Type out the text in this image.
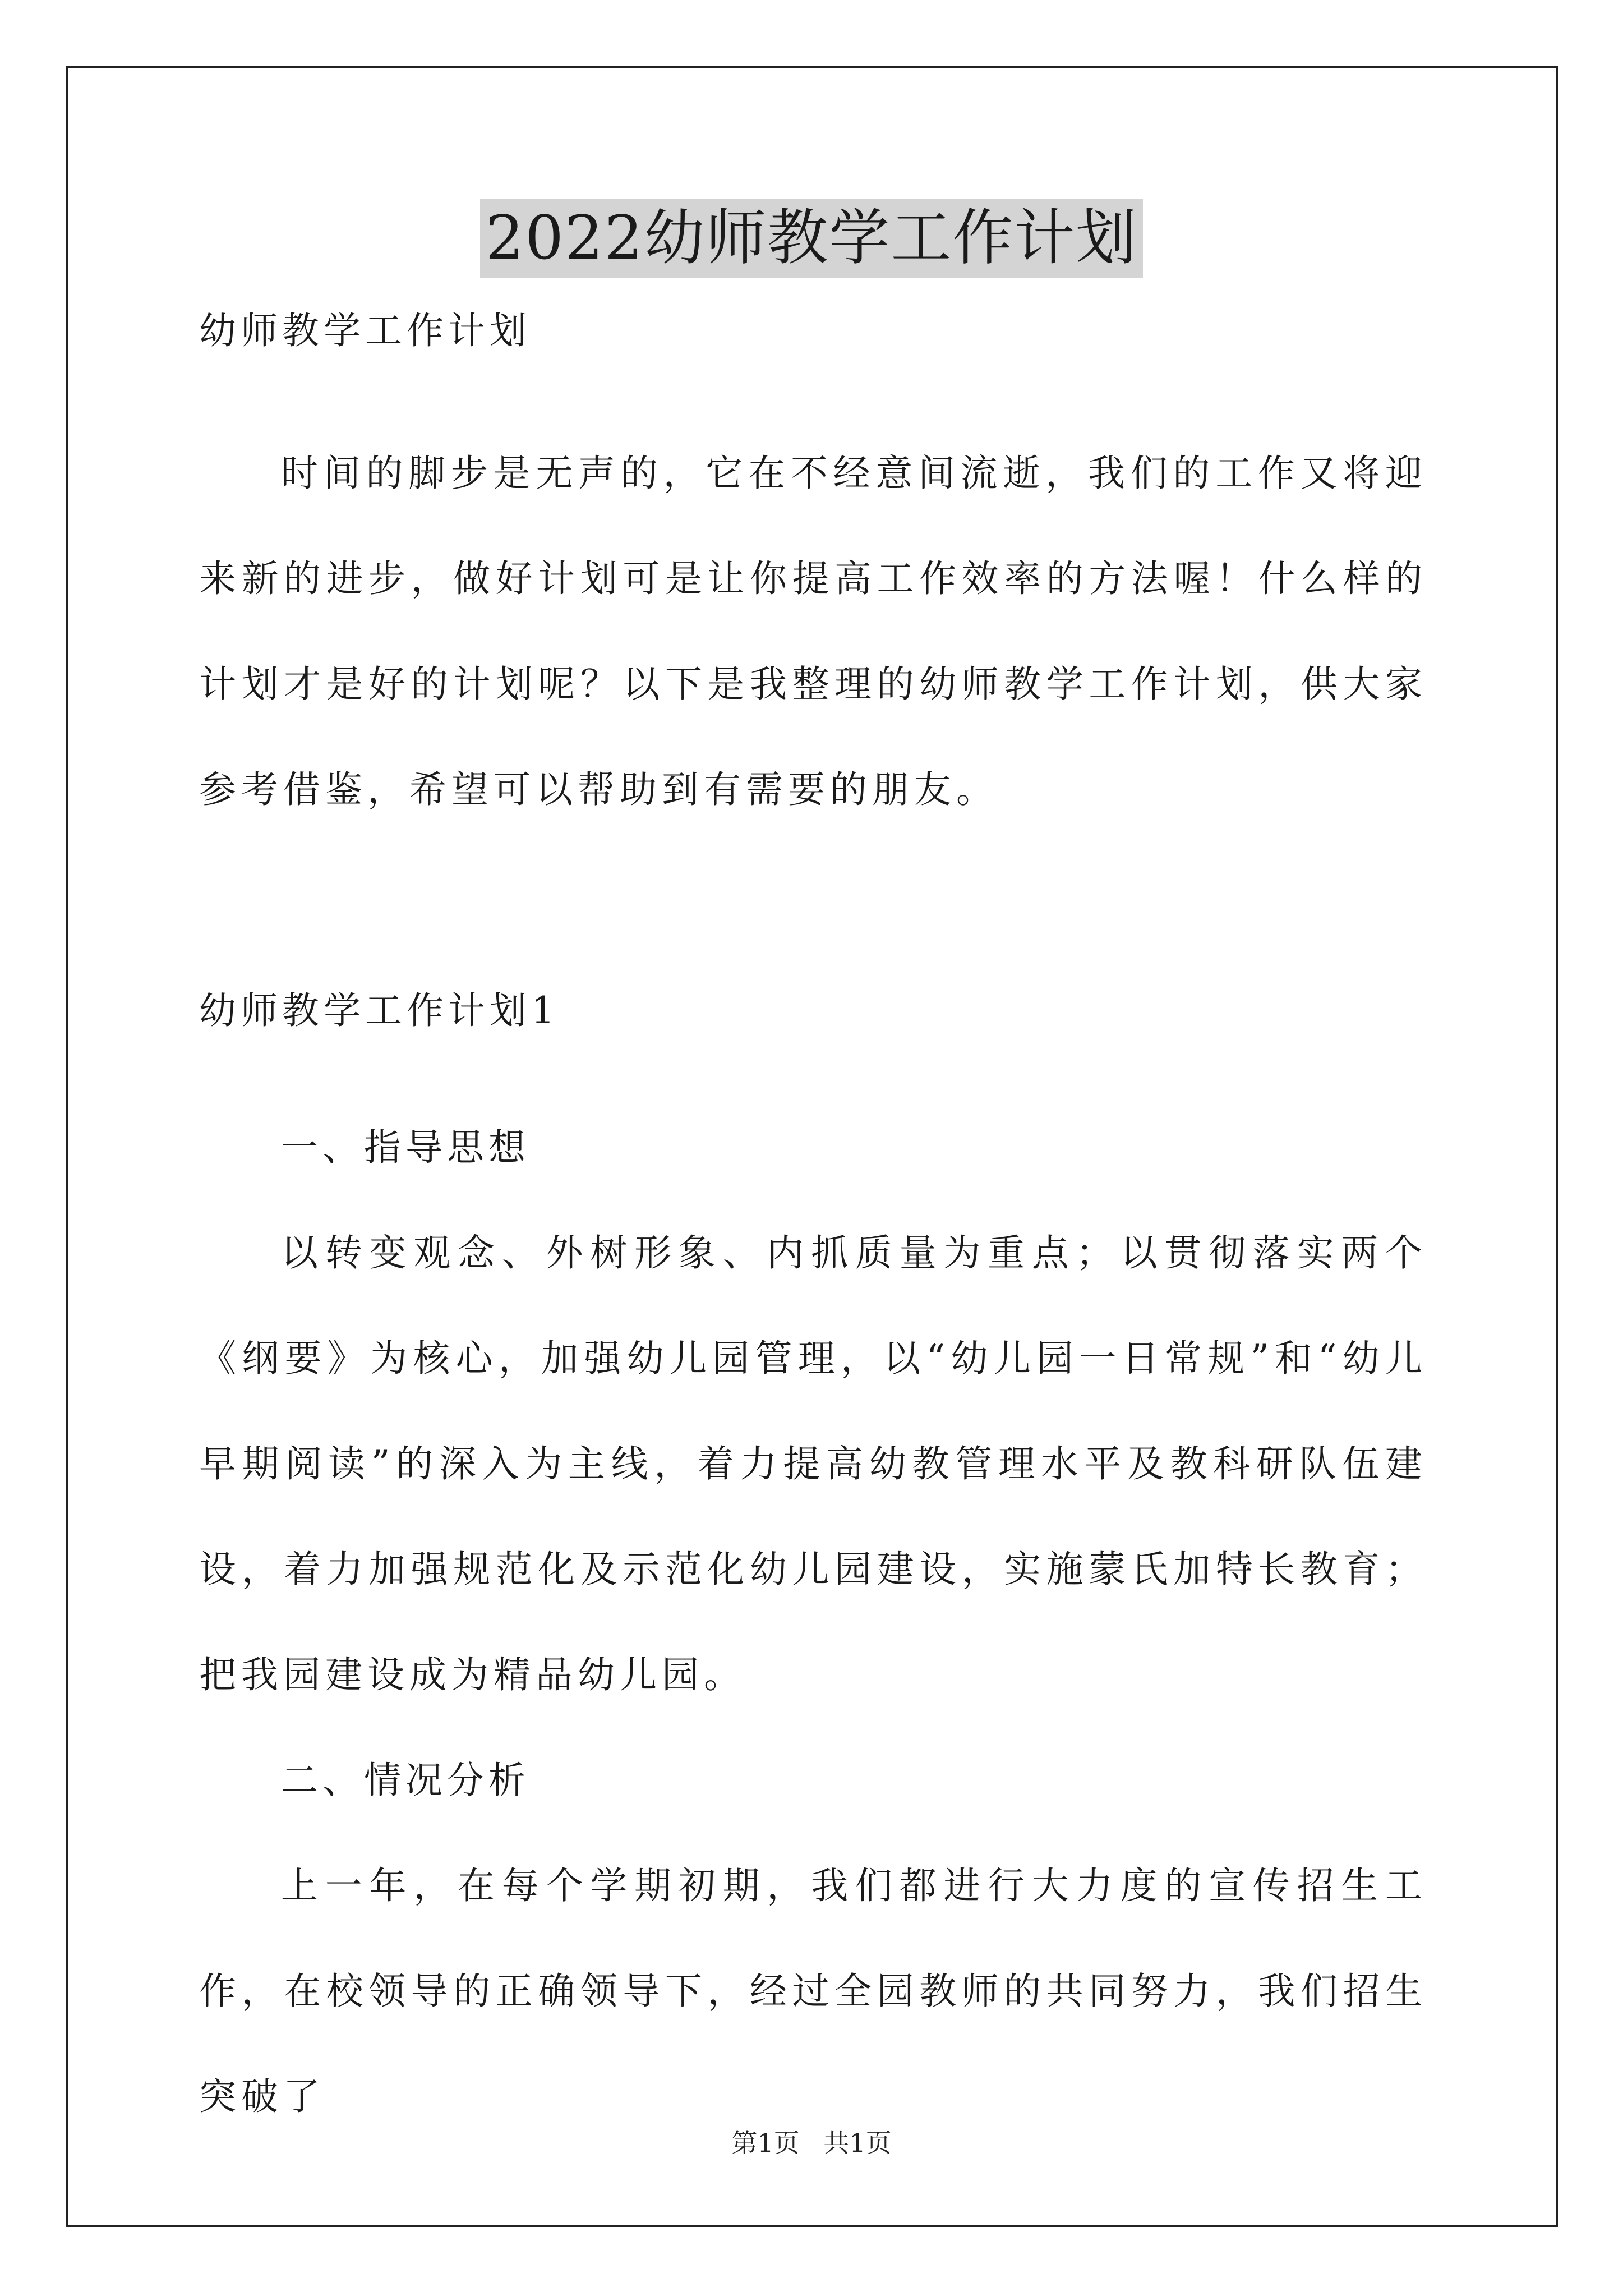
2022幼师教学工作计划

幼师教学工作计划

时间的脚步是无声的，它在不经意间流逝，我们的工作又将迎来新的进步，做好计划可是让你提高工作效率的方法喔！什么样的计划才是好的计划呢？以下是我整理的幼师教学工作计划，供大家参考借鉴，希望可以帮助到有需要的朋友。

幼师教学工作计划1

一、指导思想

以转变观念、外树形象、内抓质量为重点；以贯彻落实两个《纲要》为核心，加强幼儿园管理，以“幼儿园一日常规”和“幼儿早期阅读”的深入为主线，着力提高幼教管理水平及教科研队伍建设，着力加强规范化及示范化幼儿园建设，实施蒙氏加特长教育；把我园建设成为精品幼儿园。

二、情况分析

上一年，在每个学期初期，我们都进行大力度的宣传招生工作，在校领导的正确领导下，经过全园教师的共同努力，我们招生突破了

第1页 共1页
